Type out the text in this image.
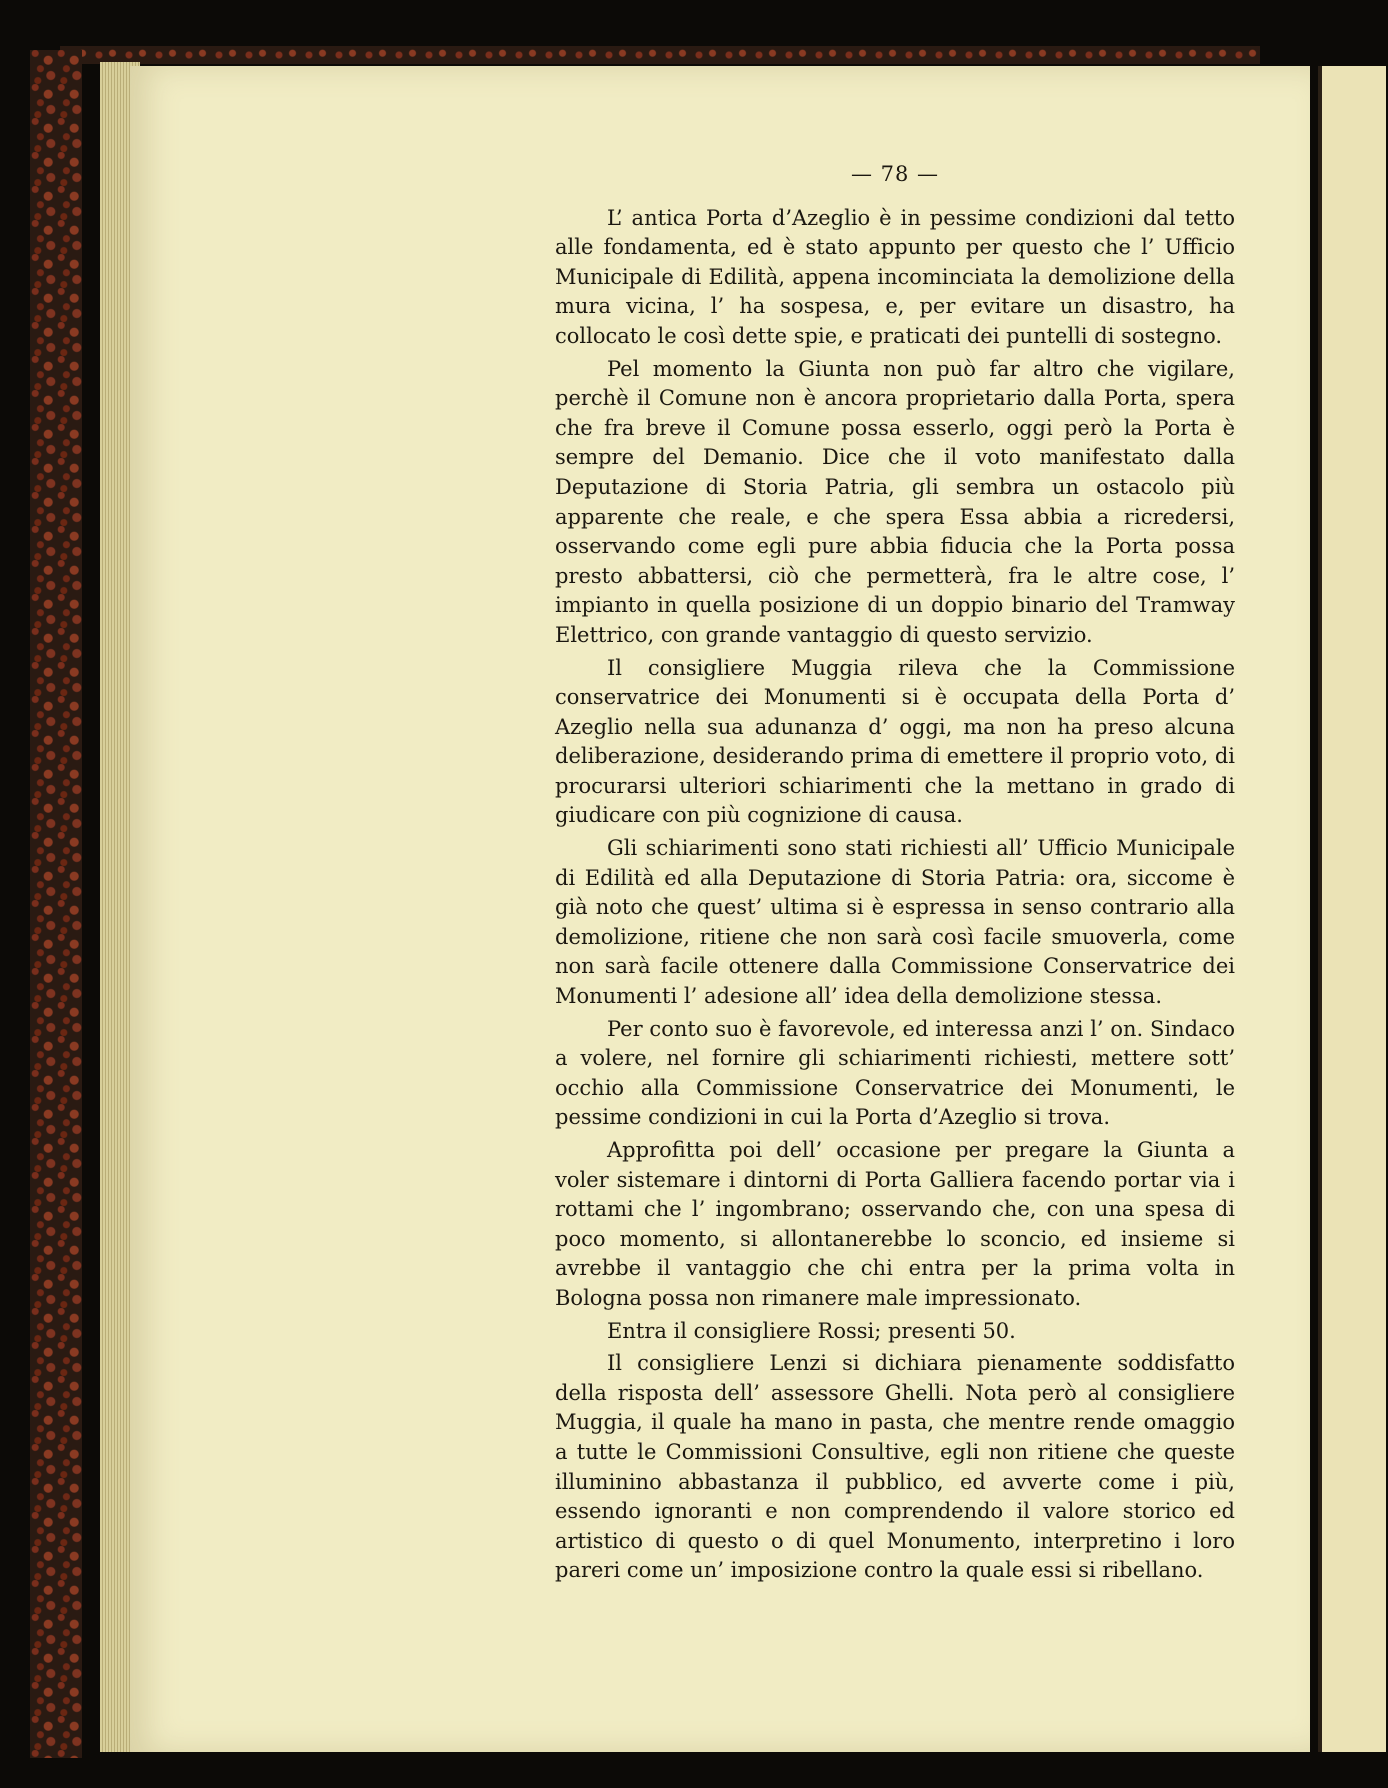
— 78 —

L’ antica Porta d’Azeglio è in pessime condizioni dal tetto alle fondamenta, ed è stato appunto per questo che l’ Ufficio Municipale di Edilità, appena incominciata la demolizione della mura vicina, l’ ha sospesa, e, per evitare un disastro, ha collocato le così dette spie, e praticati dei puntelli di sostegno.

Pel momento la Giunta non può far altro che vigilare, perchè il Comune non è ancora proprietario dalla Porta, spera che fra breve il Comune possa esserlo, oggi però la Porta è sempre del Demanio. Dice che il voto manifestato dalla Deputazione di Storia Patria, gli sembra un ostacolo più apparente che reale, e che spera Essa abbia a ricredersi, osservando come egli pure abbia fiducia che la Porta possa presto abbattersi, ciò che permetterà, fra le altre cose, l’ impianto in quella posizione di un doppio binario del Tramway Elettrico, con grande vantaggio di questo servizio.

Il consigliere Muggia rileva che la Commissione conservatrice dei Monumenti si è occupata della Porta d’ Azeglio nella sua adunanza d’ oggi, ma non ha preso alcuna deliberazione, desiderando prima di emettere il proprio voto, di procurarsi ulteriori schiarimenti che la mettano in grado di giudicare con più cognizione di causa.

Gli schiarimenti sono stati richiesti all’ Ufficio Municipale di Edilità ed alla Deputazione di Storia Patria: ora, siccome è già noto che quest’ ultima si è espressa in senso contrario alla demolizione, ritiene che non sarà così facile smuoverla, come non sarà facile ottenere dalla Commissione Conservatrice dei Monumenti l’ adesione all’ idea della demolizione stessa.

Per conto suo è favorevole, ed interessa anzi l’ on. Sindaco a volere, nel fornire gli schiarimenti richiesti, mettere sott’ occhio alla Commissione Conservatrice dei Monumenti, le pessime condizioni in cui la Porta d’Azeglio si trova.

Approfitta poi dell’ occasione per pregare la Giunta a voler sistemare i dintorni di Porta Galliera facendo portar via i rottami che l’ ingombrano; osservando che, con una spesa di poco momento, si allontanerebbe lo sconcio, ed insieme si avrebbe il vantaggio che chi entra per la prima volta in Bologna possa non rimanere male impressionato.

Entra il consigliere Rossi; presenti 50.

Il consigliere Lenzi si dichiara pienamente soddisfatto della risposta dell’ assessore Ghelli. Nota però al consigliere Muggia, il quale ha mano in pasta, che mentre rende omaggio a tutte le Commissioni Consultive, egli non ritiene che queste illuminino abbastanza il pubblico, ed avverte come i più, essendo ignoranti e non comprendendo il valore storico ed artistico di questo o di quel Monumento, interpretino i loro pareri come un’ imposizione contro la quale essi si ribellano.
